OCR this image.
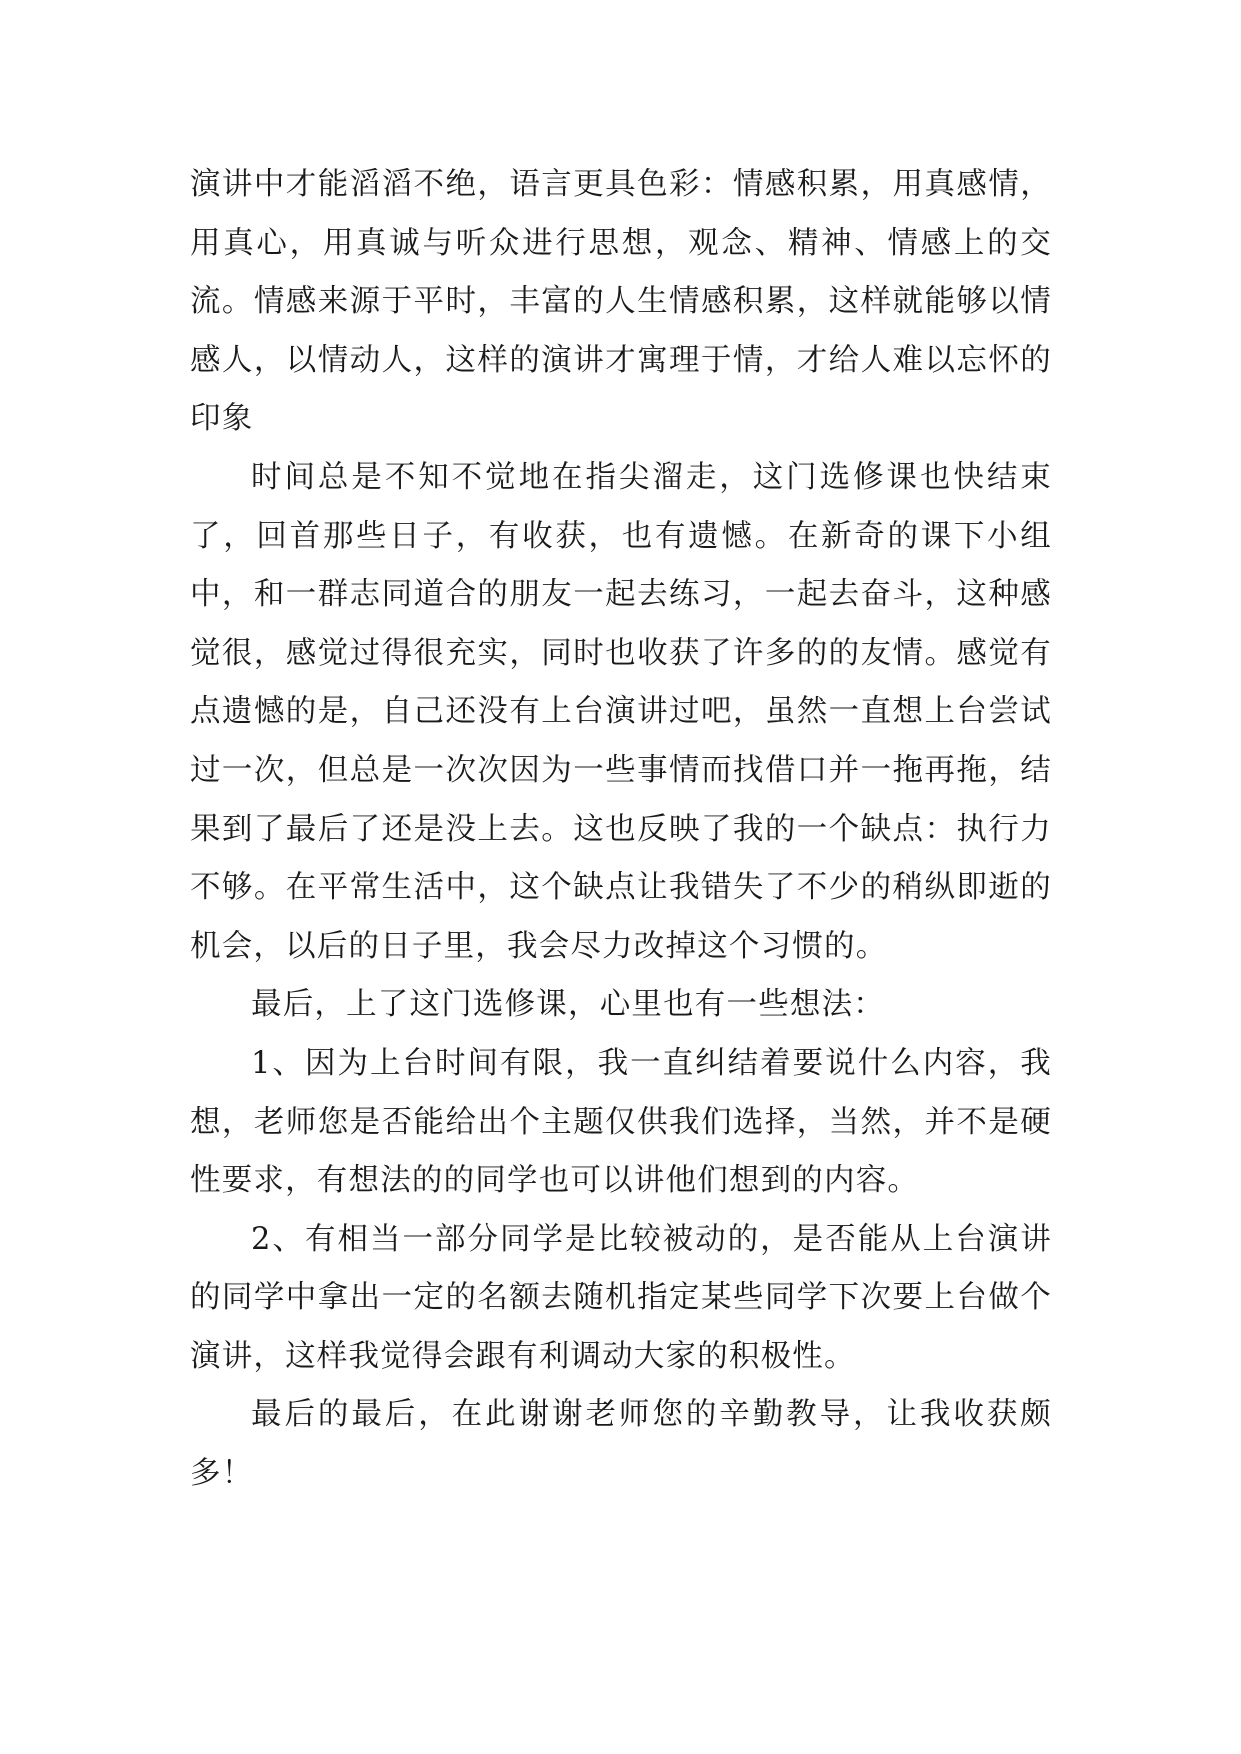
演讲中才能滔滔不绝，语言更具色彩：情感积累，用真感情，用真心，用真诚与听众进行思想，观念、精神、情感上的交流。情感来源于平时，丰富的人生情感积累，这样就能够以情感人，以情动人，这样的演讲才寓理于情，才给人难以忘怀的印象

时间总是不知不觉地在指尖溜走，这门选修课也快结束了，回首那些日子，有收获，也有遗憾。在新奇的课下小组中，和一群志同道合的朋友一起去练习，一起去奋斗，这种感觉很，感觉过得很充实，同时也收获了许多的的友情。感觉有点遗憾的是，自己还没有上台演讲过吧，虽然一直想上台尝试过一次，但总是一次次因为一些事情而找借口并一拖再拖，结果到了最后了还是没上去。这也反映了我的一个缺点：执行力不够。在平常生活中，这个缺点让我错失了不少的稍纵即逝的机会，以后的日子里，我会尽力改掉这个习惯的。

最后，上了这门选修课，心里也有一些想法：

1、因为上台时间有限，我一直纠结着要说什么内容，我想，老师您是否能给出个主题仅供我们选择，当然，并不是硬性要求，有想法的的同学也可以讲他们想到的内容。

2、有相当一部分同学是比较被动的，是否能从上台演讲的同学中拿出一定的名额去随机指定某些同学下次要上台做个演讲，这样我觉得会跟有利调动大家的积极性。

最后的最后，在此谢谢老师您的辛勤教导，让我收获颇多！
